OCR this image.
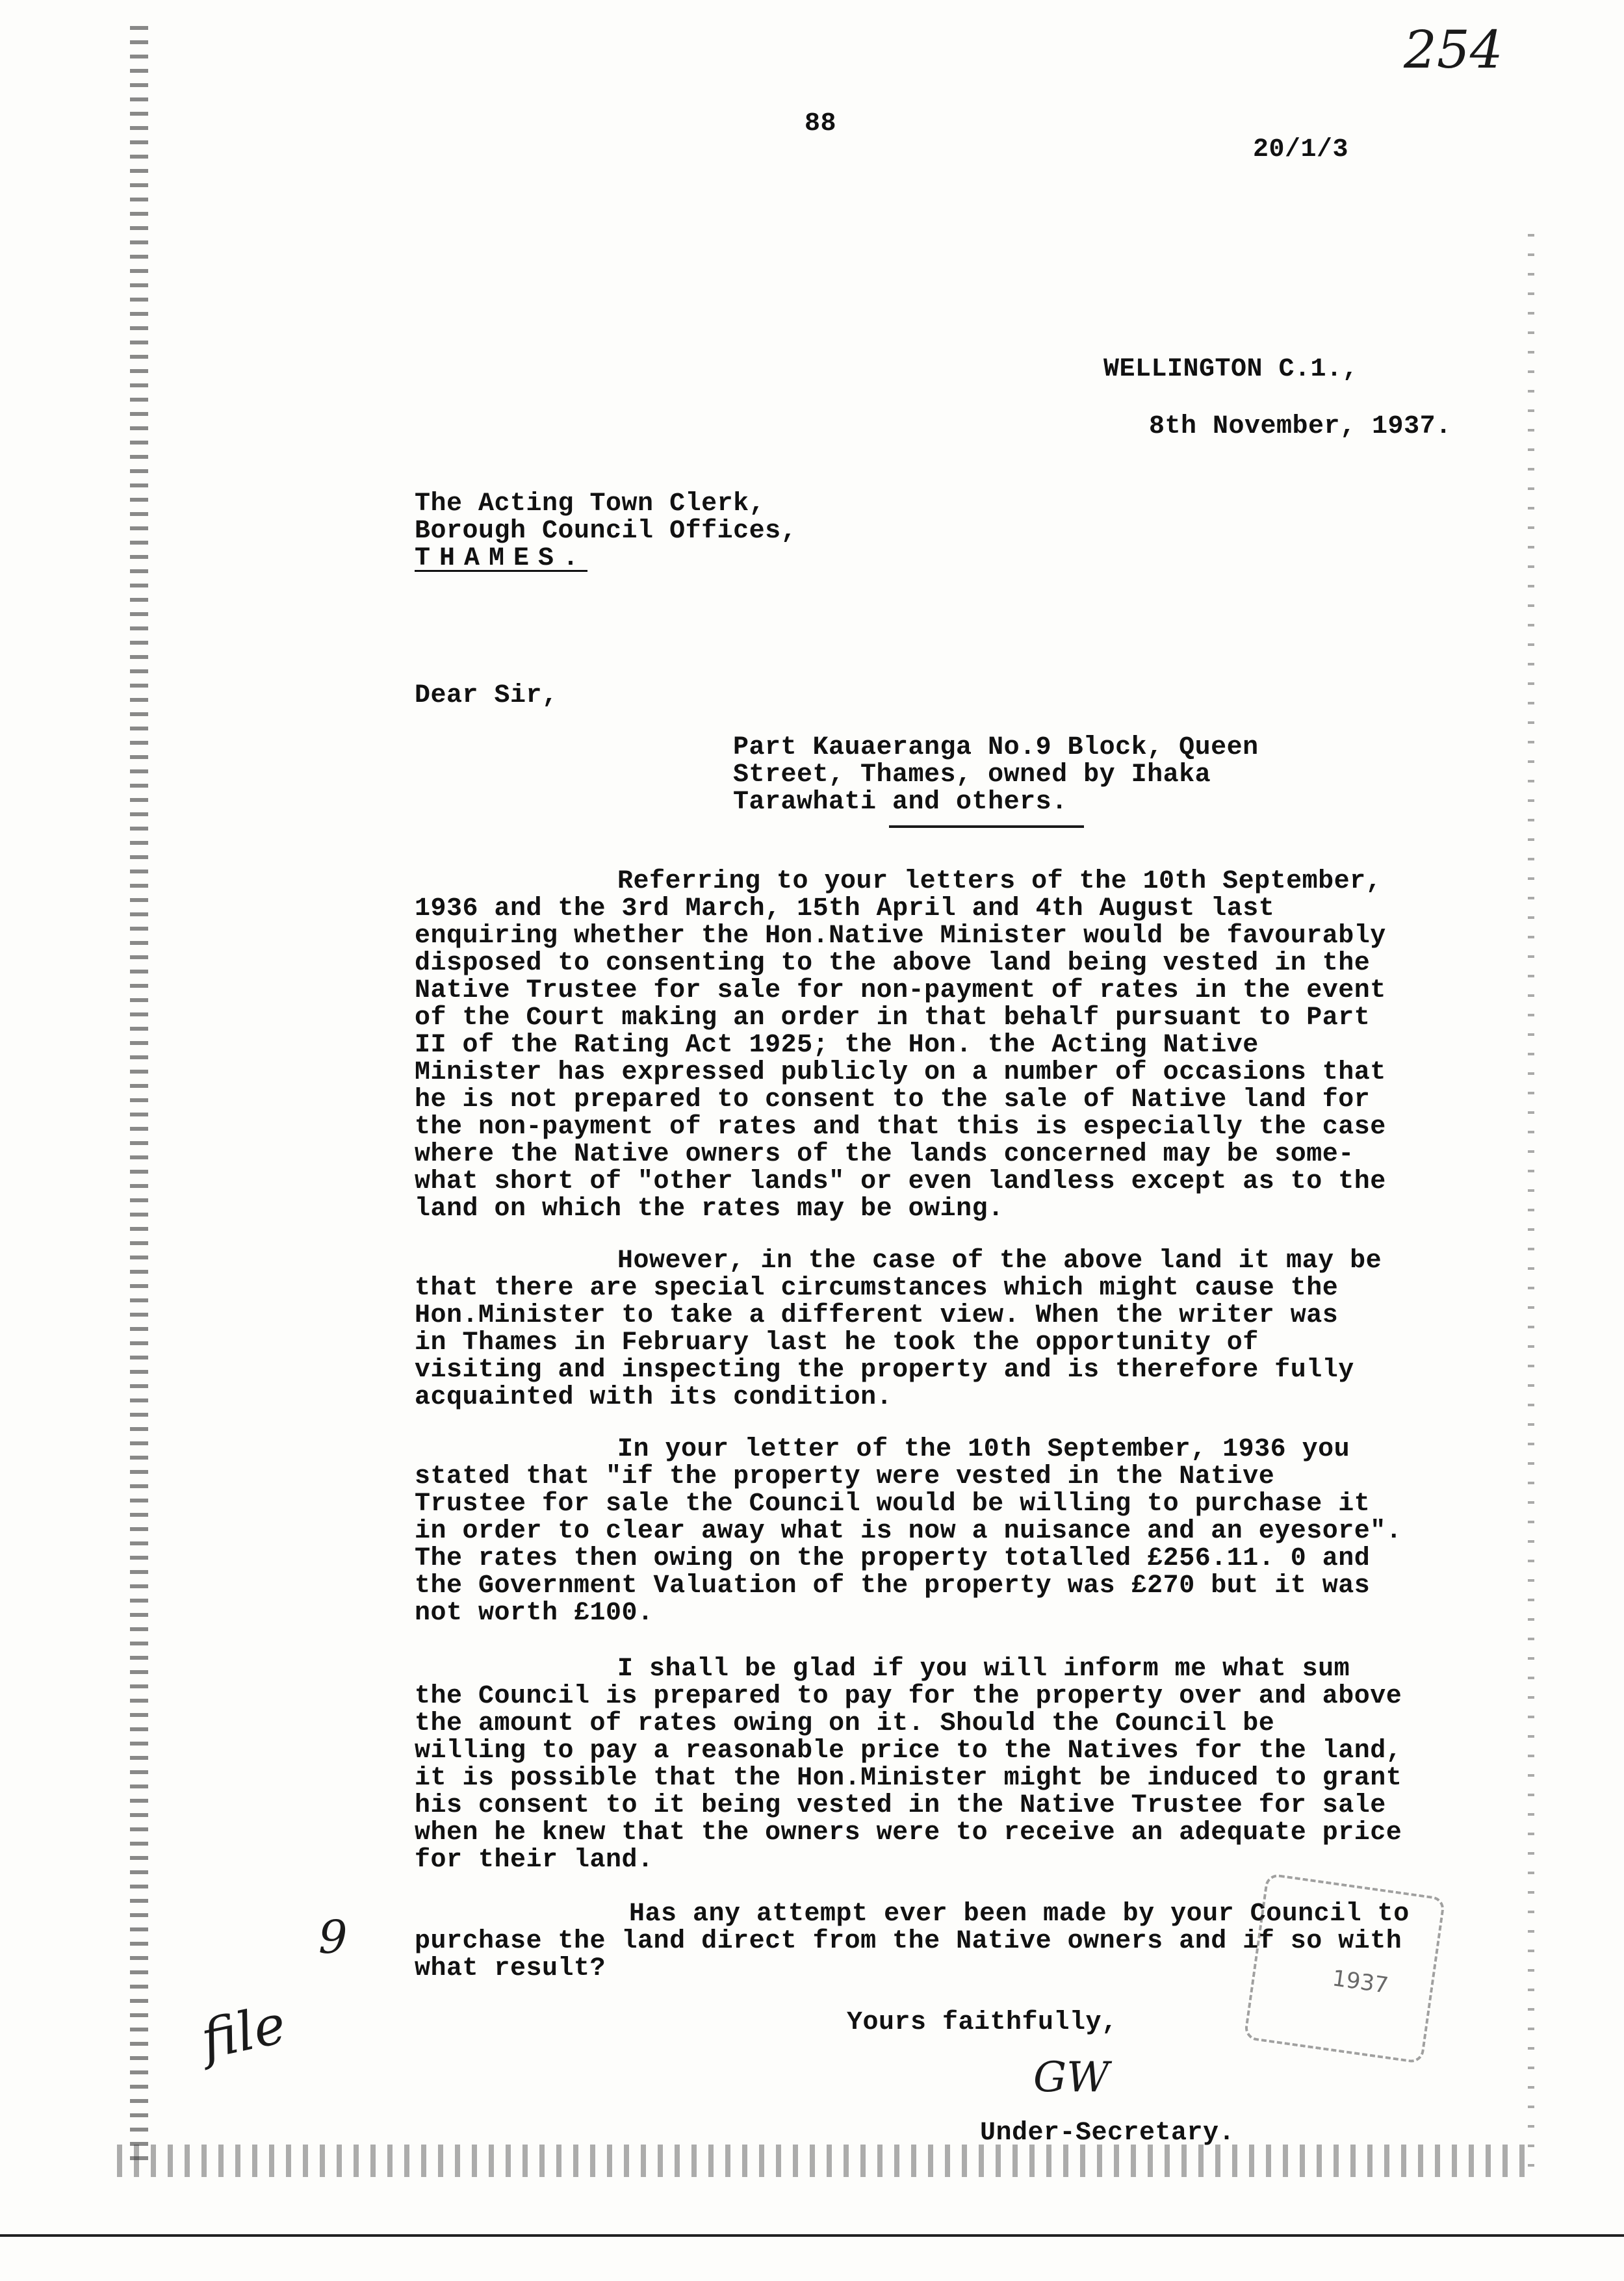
254
88
20/1/3
WELLINGTON C.1.,
8th November, 1937.
The Acting Town Clerk,
Borough Council Offices,
THAMES.
Dear Sir,
Part Kauaeranga No.9 Block, Queen
Street, Thames, owned by Ihaka
Tarawhati and others.
Referring to your letters of the 10th September,
1936 and the 3rd March, 15th April and 4th August last
enquiring whether the Hon.Native Minister would be favourably
disposed to consenting to the above land being vested in the
Native Trustee for sale for non-payment of rates in the event
of the Court making an order in that behalf pursuant to Part
II of the Rating Act 1925; the Hon. the Acting Native
Minister has expressed publicly on a number of occasions that
he is not prepared to consent to the sale of Native land for
the non-payment of rates and that this is especially the case
where the Native owners of the lands concerned may be some-
what short of "other lands" or even landless except as to the
land on which the rates may be owing.
However, in the case of the above land it may be
that there are special circumstances which might cause the
Hon.Minister to take a different view. When the writer was
in Thames in February last he took the opportunity of
visiting and inspecting the property and is therefore fully
acquainted with its condition.
In your letter of the 10th September, 1936 you
stated that "if the property were vested in the Native
Trustee for sale the Council would be willing to purchase it
in order to clear away what is now a nuisance and an eyesore".
The rates then owing on the property totalled £256.11. 0 and
the Government Valuation of the property was £270 but it was
not worth £100.
I shall be glad if you will inform me what sum
the Council is prepared to pay for the property over and above
the amount of rates owing on it. Should the Council be
willing to pay a reasonable price to the Natives for the land,
it is possible that the Hon.Minister might be induced to grant
his consent to it being vested in the Native Trustee for sale
when he knew that the owners were to receive an adequate price
for their land.
Has any attempt ever been made by your Council to
purchase the land direct from the Native owners and if so with
what result?	1937
Yours faithfully,
GW
Under-Secretary.
file
9
